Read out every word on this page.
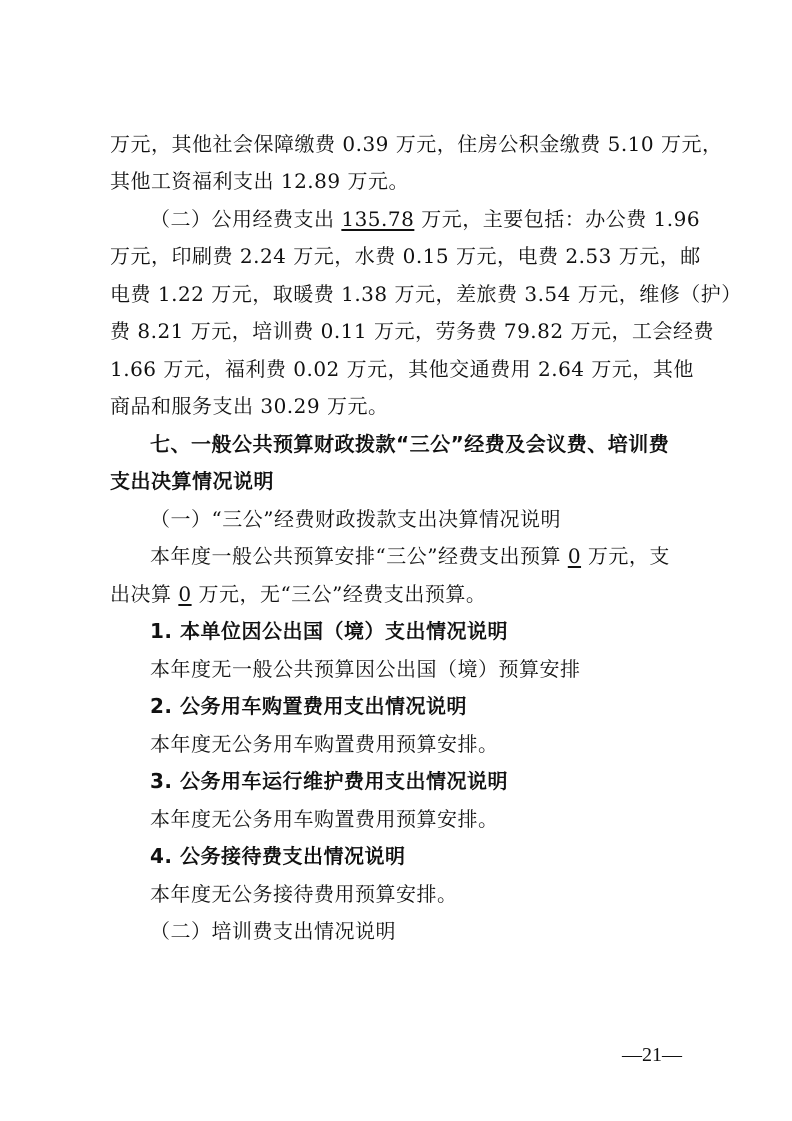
万元，其他社会保障缴费 0.39 万元，住房公积金缴费 5.10 万元，
其他工资福利支出 12.89 万元。
（二）公用经费支出 135.78 万元，主要包括：办公费 1.96
万元，印刷费 2.24 万元，水费 0.15 万元，电费 2.53 万元，邮
电费 1.22 万元，取暖费 1.38 万元，差旅费 3.54 万元，维修（护）
费 8.21 万元，培训费 0.11 万元，劳务费 79.82 万元，工会经费
1.66 万元，福利费 0.02 万元，其他交通费用 2.64 万元，其他
商品和服务支出 30.29 万元。
七、一般公共预算财政拨款“三公”经费及会议费、培训费
支出决算情况说明
（一）“三公”经费财政拨款支出决算情况说明
本年度一般公共预算安排“三公”经费支出预算 0 万元，支
出决算 0 万元，无“三公”经费支出预算。
1. 本单位因公出国（境）支出情况说明
本年度无一般公共预算因公出国（境）预算安排
2. 公务用车购置费用支出情况说明
本年度无公务用车购置费用预算安排。
3. 公务用车运行维护费用支出情况说明
本年度无公务用车购置费用预算安排。
4. 公务接待费支出情况说明
本年度无公务接待费用预算安排。
（二）培训费支出情况说明
—21—
